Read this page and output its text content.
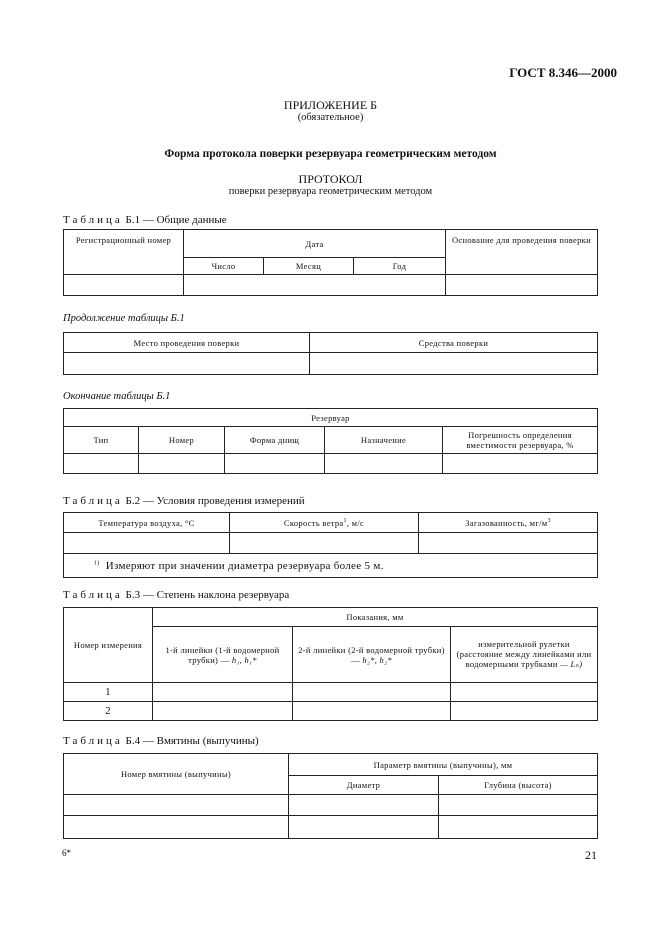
ГОСТ 8.346—2000
ПРИЛОЖЕНИЕ Б
(обязательное)
Форма протокола поверки резервуара геометрическим методом
ПРОТОКОЛ
поверки резервуара геометрическим методом
Таблица Б.1 — Общие данные
Регистрационный номер	Дата			Основание для проведения поверки
	Число	Месяц	Год	

Продолжение таблицы Б.1
Место проведения поверки	Средства поверки

Окончание таблицы Б.1
Резервуар				
Тип	Номер	Форма днищ	Назначение	Погрешность определения вместимости резервуара, %

Таблица Б.2 — Условия проведения измерений
Температура воздуха, °С	Скорость ветра$^1$, м/с	Загазованность, $мг/м^3$

$^{1)}$ Измеряют при значении диаметра резервуара более 5 м.		
Таблица Б.3 — Степень наклона резервуара
Номер измерения	Показания, мм		
	1-й линейки (1-й водомерной трубки) — h₁, h₁*	2-й линейки (2-й водомерной трубки) — h₂*, h₂*	измерительной рулетки (расстояние между линейками или водомерными трубками — Lₙ)
1			
2			
Таблица Б.4 — Вмятины (выпучины)
Номер вмятины (выпучины)	Параметр вмятины (выпучины), мм	
	Диаметр	Глубина (высота)

6*	21
